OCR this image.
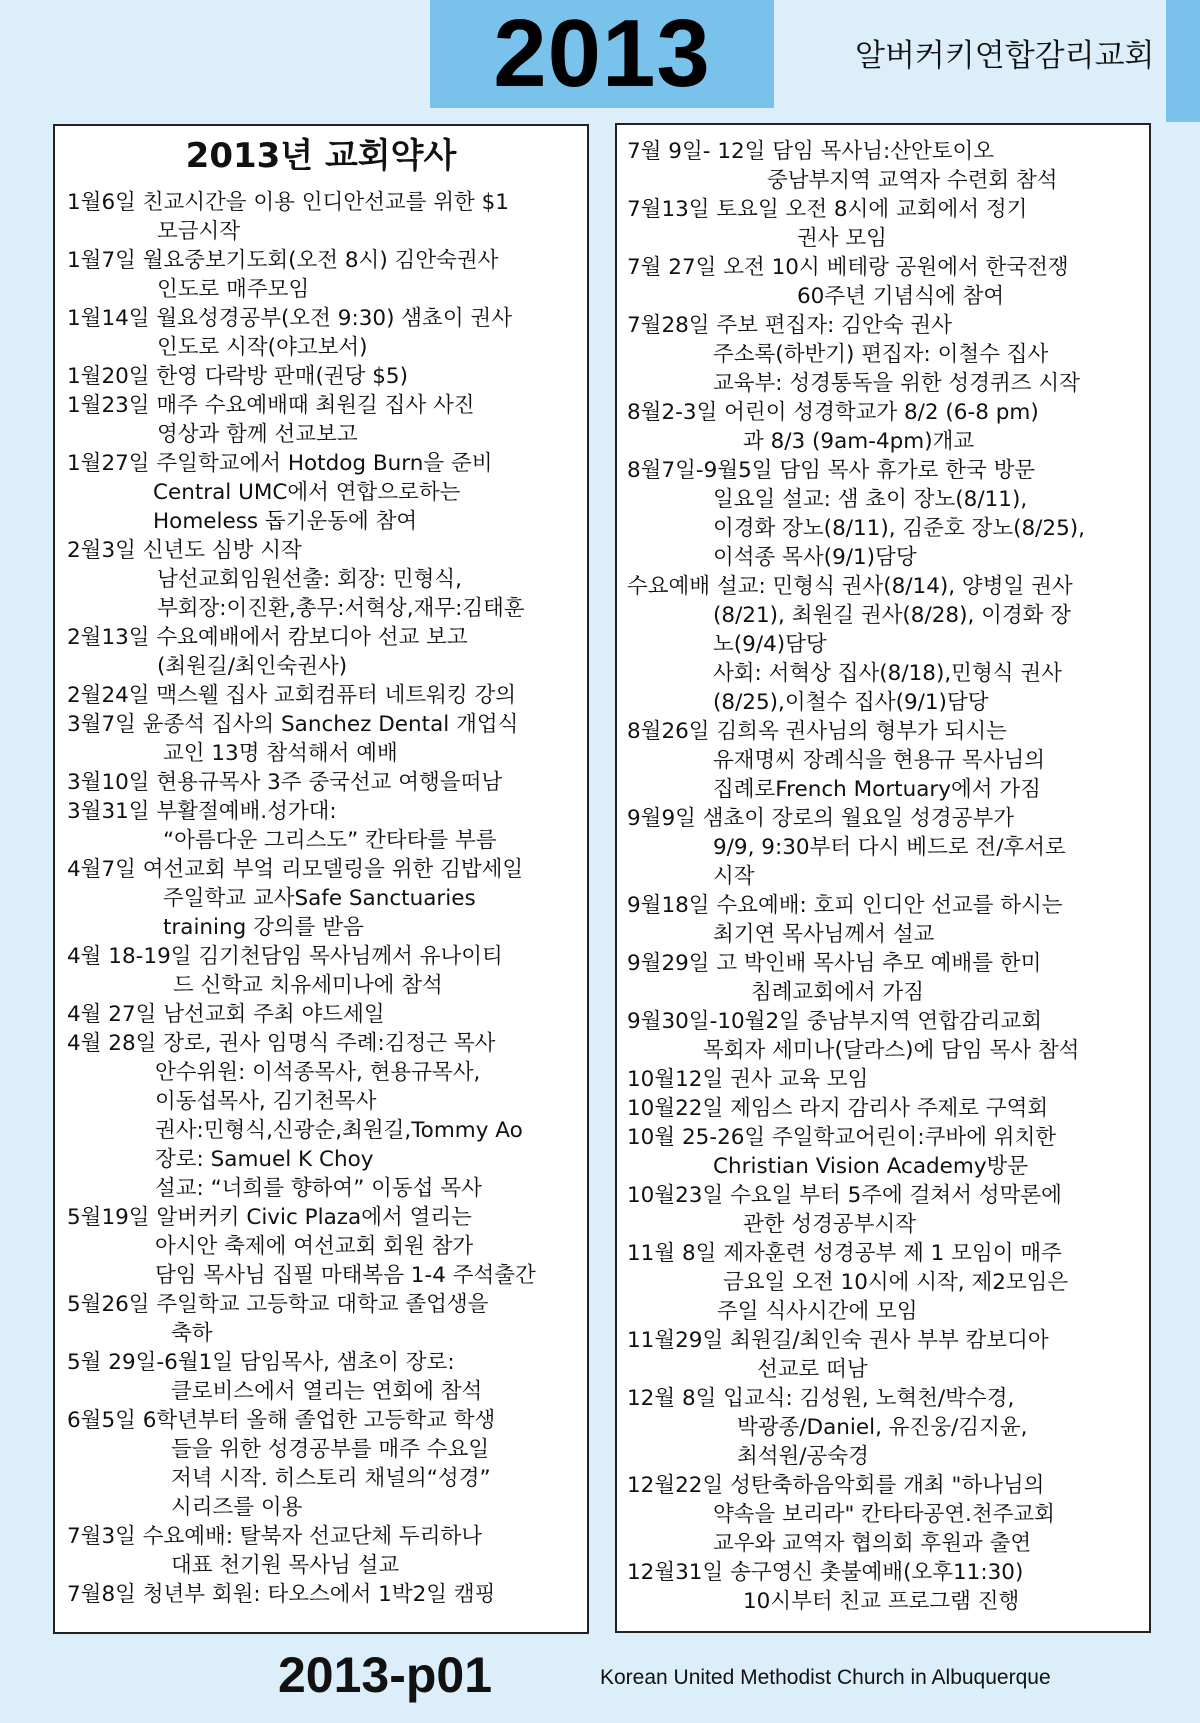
2013	알버커키연합감리교회
2013년 교회약사
1월6일 친교시간을 이용 인디안선교를 위한 $1
모금시작
1월7일 월요중보기도회(오전 8시) 김안숙권사
인도로 매주모임
1월14일 월요성경공부(오전 9:30) 샘쵸이 권사
인도로 시작(야고보서)
1월20일 한영 다락방 판매(권당 $5)
1월23일 매주 수요예배때 최원길 집사 사진
영상과 함께 선교보고
1월27일 주일학교에서 Hotdog Burn을 준비
Central UMC에서 연합으로하는
Homeless 돕기운동에 참여
2월3일 신년도 심방 시작
남선교회임원선출: 회장: 민형식,
부회장:이진환,총무:서혁상,재무:김태훈
2월13일 수요예배에서 캄보디아 선교 보고
(최원길/최인숙권사)
2월24일 맥스웰 집사 교회컴퓨터 네트워킹 강의
3월7일 윤종석 집사의 Sanchez Dental 개업식
교인 13명 참석해서 예배
3월10일 현용규목사 3주 중국선교 여행을떠남
3월31일 부활절예배.성가대:
“아름다운 그리스도” 칸타타를 부름
4월7일 여선교회 부엌 리모델링을 위한 김밥세일
주일학교 교사Safe Sanctuaries
training 강의를 받음
4월 18-19일 김기천담임 목사님께서 유나이티
드 신학교 치유세미나에 참석
4월 27일 남선교회 주최 야드세일
4월 28일 장로, 권사 임명식 주례:김정근 목사
안수위원: 이석종목사, 현용규목사,
이동섭목사, 김기천목사
권사:민형식,신광순,최원길,Tommy Ao
장로: Samuel K Choy
설교: “너희를 향하여” 이동섭 목사
5월19일 알버커키 Civic Plaza에서 열리는
아시안 축제에 여선교회 회원 참가
담임 목사님 집필 마태복음 1-4 주석출간
5월26일 주일학교 고등학교 대학교 졸업생을
축하
5월 29일-6월1일 담임목사, 샘초이 장로:
클로비스에서 열리는 연회에 참석
6월5일 6학년부터 올해 졸업한 고등학교 학생
들을 위한 성경공부를 매주 수요일
저녁 시작. 히스토리 채널의“성경”
시리즈를 이용
7월3일 수요예배: 탈북자 선교단체 두리하나
대표 천기원 목사님 설교
7월8일 청년부 회원: 타오스에서 1박2일 캠핑
7월 9일- 12일 담임 목사님:산안토이오
중남부지역 교역자 수련회 참석
7월13일 토요일 오전 8시에 교회에서 정기
권사 모임
7월 27일 오전 10시 베테랑 공원에서 한국전쟁
60주년 기념식에 참여
7월28일 주보 편집자: 김안숙 권사
주소록(하반기) 편집자: 이철수 집사
교육부: 성경통독을 위한 성경퀴즈 시작
8월2-3일 어린이 성경학교가 8/2 (6-8 pm)
과 8/3 (9am-4pm)개교
8월7일-9월5일 담임 목사 휴가로 한국 방문
일요일 설교: 샘 쵸이 장노(8/11),
이경화 장노(8/11), 김준호 장노(8/25),
이석종 목사(9/1)담당
수요예배 설교: 민형식 권사(8/14), 양병일 권사
(8/21), 최원길 권사(8/28), 이경화 장
노(9/4)담당
사회: 서혁상 집사(8/18),민형식 권사
(8/25),이철수 집사(9/1)담당
8월26일 김희옥 권사님의 형부가 되시는
유재명씨 장례식을 현용규 목사님의
집례로French Mortuary에서 가짐
9월9일 샘쵸이 장로의 월요일 성경공부가
9/9, 9:30부터 다시 베드로 전/후서로
시작
9월18일 수요예배: 호피 인디안 선교를 하시는
최기연 목사님께서 설교
9월29일 고 박인배 목사님 추모 예배를 한미
침례교회에서 가짐
9월30일-10월2일 중남부지역 연합감리교회
목회자 세미나(달라스)에 담임 목사 참석
10월12일 권사 교육 모임
10월22일 제임스 라지 감리사 주제로 구역회
10월 25-26일 주일학교어린이:쿠바에 위치한
Christian Vision Academy방문
10월23일 수요일 부터 5주에 걸쳐서 성막론에
관한 성경공부시작
11월 8일 제자훈련 성경공부 제 1 모임이 매주
금요일 오전 10시에 시작, 제2모임은
주일 식사시간에 모임
11월29일 최원길/최인숙 권사 부부 캄보디아
선교로 떠남
12월 8일 입교식: 김성원, 노혁천/박수경,
박광종/Daniel, 유진웅/김지윤,
최석원/공숙경
12월22일 성탄축하음악회를 개최 "하나님의
약속을 보리라" 칸타타공연.천주교회
교우와 교역자 협의회 후원과 출연
12월31일 송구영신 촛불예배(오후11:30)
10시부터 친교 프로그램 진행
2013-p01	Korean United Methodist Church in Albuquerque
